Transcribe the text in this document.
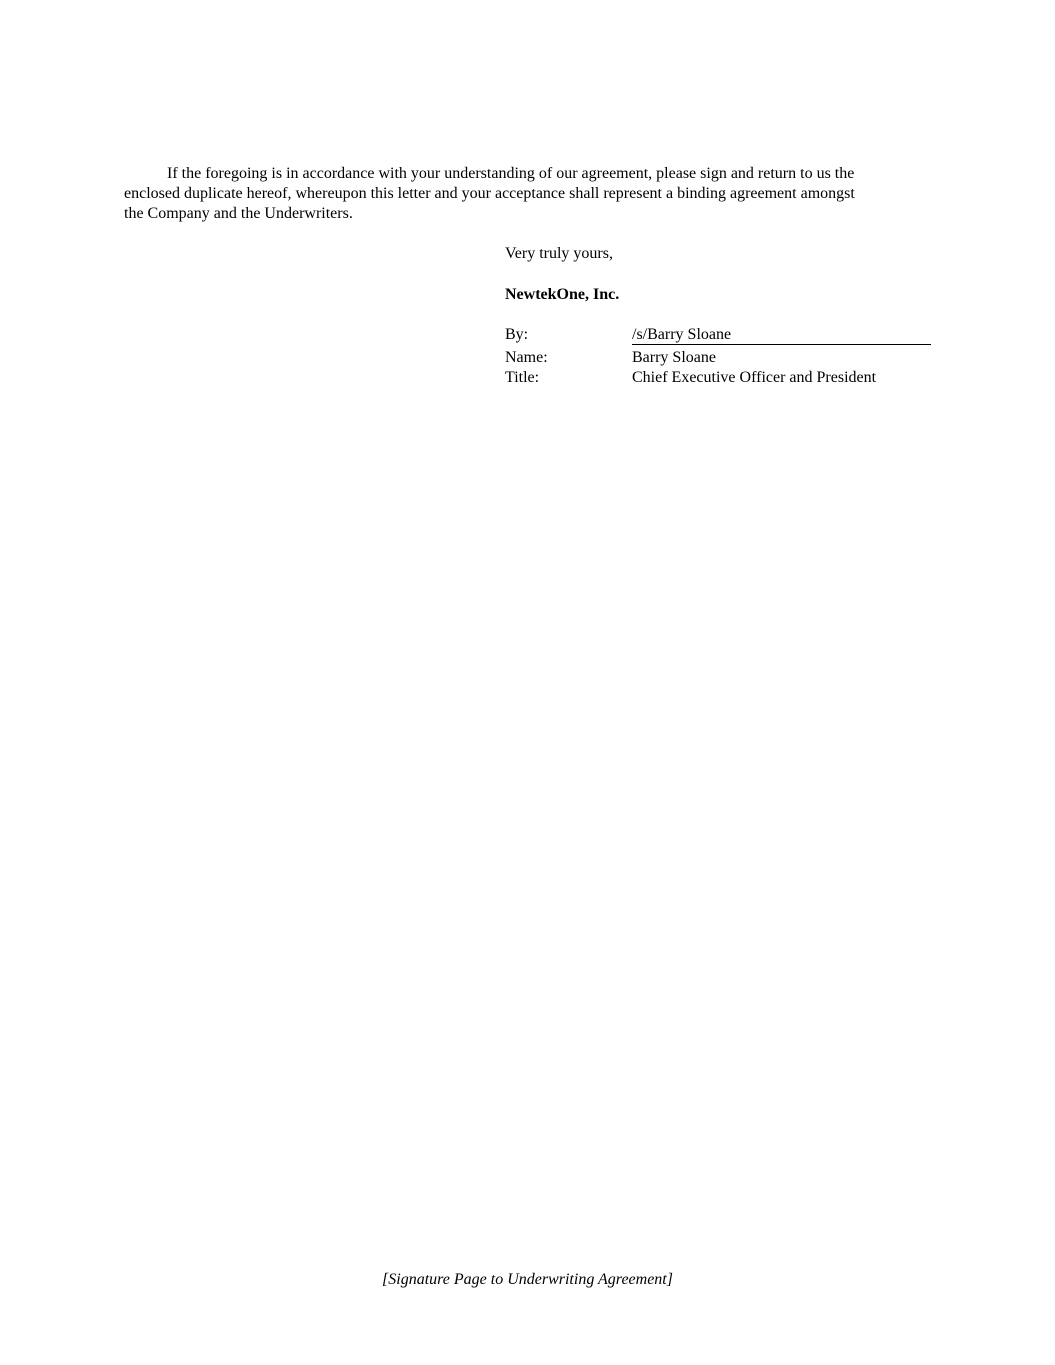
If the foregoing is in accordance with your understanding of our agreement, please sign and return to us the
enclosed duplicate hereof, whereupon this letter and your acceptance shall represent a binding agreement amongst
the Company and the Underwriters.

Very truly yours,

NewtekOne, Inc.

By:	/s/Barry Sloane
Name:	Barry Sloane
Title:	Chief Executive Officer and President

[Signature Page to Underwriting Agreement]
